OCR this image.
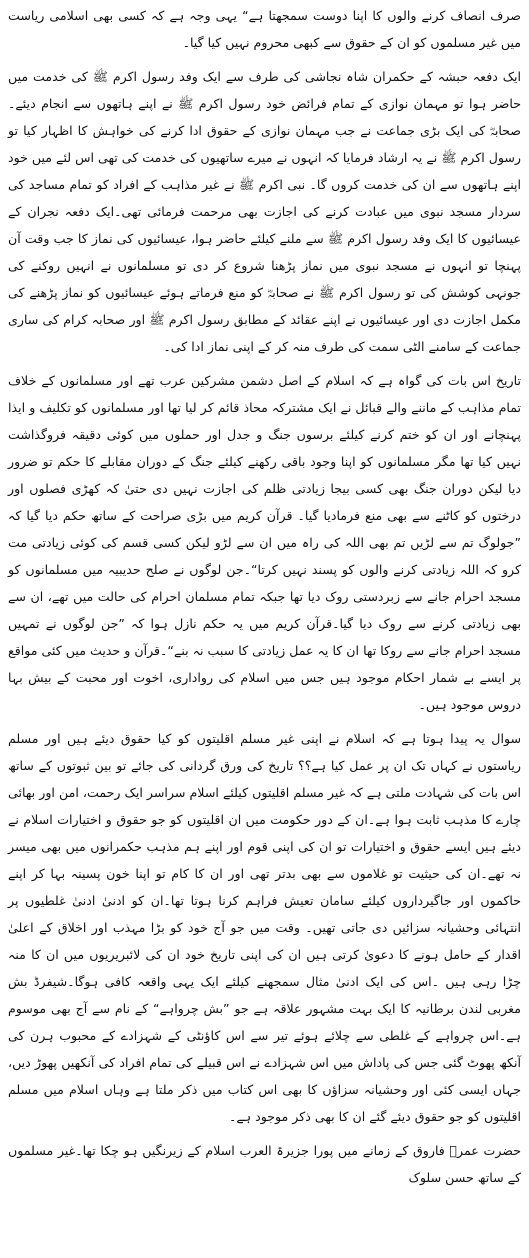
صرف انصاف کرنے والوں کا اپنا دوست سمجھتا ہے“ یہی وجہ ہے کہ کسی بھی اسلامی ریاست میں غیر مسلموں کو ان کے حقوق سے کبھی محروم نہیں کیا گیا۔

ایک دفعہ حبشہ کے حکمران شاہ نجاشی کی طرف سے ایک وفد رسول اکرم ﷺ کی خدمت میں حاضر ہوا تو مہمان نوازی کے تمام فرائض خود رسول اکرم ﷺ نے اپنے ہاتھوں سے انجام دیئے۔صحابہؓ کی ایک بڑی جماعت نے جب مہمان نوازی کے حقوق ادا کرنے کی خواہش کا اظہار کیا تو رسول اکرم ﷺ نے یہ ارشاد فرمایا کہ انہوں نے میرے ساتھیوں کی خدمت کی تھی اس لئے میں خود اپنے ہاتھوں سے ان کی خدمت کروں گا۔ نبی اکرم ﷺ نے غیر مذاہب کے افراد کو تمام مساجد کی سردار مسجد نبوی میں عبادت کرنے کی اجازت بھی مرحمت فرمائی تھی۔ایک دفعہ نجران کے عیسائیوں کا ایک وفد رسول اکرم ﷺ سے ملنے کیلئے حاضر ہوا، عیسائیوں کی نماز کا جب وقت آن پہنچا تو انہوں نے مسجد نبوی میں نماز پڑھنا شروع کر دی تو مسلمانوں نے انہیں روکنے کی جونہی کوشش کی تو رسول اکرم ﷺ نے صحابہؓ کو منع فرماتے ہوئے عیسائیوں کو نماز پڑھنے کی مکمل اجازت دی اور عیسائیوں نے اپنے عقائد کے مطابق رسول اکرم ﷺ اور صحابہ کرام کی ساری جماعت کے سامنے الٹی سمت کی طرف منہ کر کے اپنی نماز ادا کی۔

تاریخ اس بات کی گواہ ہے کہ اسلام کے اصل دشمن مشرکین عرب تھے اور مسلمانوں کے خلاف تمام مذاہب کے ماننے والے قبائل نے ایک مشترکہ محاذ قائم کر لیا تھا اور مسلمانوں کو تکلیف و ایذا پہنچانے اور ان کو ختم کرنے کیلئے برسوں جنگ و جدل اور حملوں میں کوئی دقیقہ فروگذاشت نہیں کیا تھا مگر مسلمانوں کو اپنا وجود باقی رکھنے کیلئے جنگ کے دوران مقابلے کا حکم تو ضرور دیا لیکن دوران جنگ بھی کسی بیجا زیادتی ظلم کی اجازت نہیں دی حتیٰ کہ کھڑی فصلوں اور درختوں کو کاٹنے سے بھی منع فرمادیا گیا۔ قرآن کریم میں بڑی صراحت کے ساتھ حکم دیا گیا کہ ”جولوگ تم سے لڑیں تم بھی اللہ کی راہ میں ان سے لڑو لیکن کسی قسم کی کوئی زیادتی مت کرو کہ اللہ زیادتی کرنے والوں کو پسند نہیں کرتا“۔جن لوگوں نے صلح حدیبیہ میں مسلمانوں کو مسجد احرام جانے سے زبردستی روک دیا تھا جبکہ تمام مسلمان احرام کی حالت میں تھے، ان سے بھی زیادتی کرنے سے روک دیا گیا۔قرآن کریم میں یہ حکم نازل ہوا کہ ”جن لوگوں نے تمہیں مسجد احرام جانے سے روکا تھا ان کا یہ عمل زیادتی کا سبب نہ بنے“۔قرآن و حدیث میں کئی مواقع پر ایسے بے شمار احکام موجود ہیں جس میں اسلام کی رواداری، اخوت اور محبت کے بیش بہا دروس موجود ہیں۔

سوال یہ پیدا ہوتا ہے کہ اسلام نے اپنی غیر مسلم اقلیتوں کو کیا حقوق دیئے ہیں اور مسلم ریاستوں نے کہاں تک ان پر عمل کیا ہے؟؟ تاریخ کی ورق گردانی کی جائے تو بین ثبوتوں کے ساتھ اس بات کی شہادت ملتی ہے کہ غیر مسلم اقلیتوں کیلئے اسلام سراسر ایک رحمت، امن اور بھائی چارے کا مذہب ثابت ہوا ہے۔ان کے دور حکومت میں ان اقلیتوں کو جو حقوق و اختیارات اسلام نے دیئے ہیں ایسے حقوق و اختیارات تو ان کی اپنی قوم اور اپنے ہم مذہب حکمرانوں میں بھی میسر نہ تھے۔ان کی حیثیت تو غلاموں سے بھی بدتر تھی اور ان کا کام تو اپنا خون پسینہ بہا کر اپنے حاکموں اور جاگیرداروں کیلئے سامان تعیش فراہم کرنا ہوتا تھا۔ان کو ادنیٰ ادنیٰ غلطیوں پر انتہائی وحشیانہ سزائیں دی جاتی تھیں۔ وقت میں جو آج خود کو بڑا مہذب اور اخلاق کے اعلیٰ اقدار کے حامل ہونے کا دعویٰ کرتی ہیں ان کی اپنی تاریخ خود ان کی لائبریریوں میں ان کا منہ چڑا رہی ہیں ۔اس کی ایک ادنیٰ مثال سمجھنے کیلئے ایک یہی واقعہ کافی ہوگا۔شیفرڈ بش مغربی لندن برطانیہ کا ایک بہت مشہور علاقہ ہے جو ”بش چرواہے“ کے نام سے آج بھی موسوم ہے۔اس چرواہے کے غلطی سے چلائے ہوئے تیر سے اس کاؤنٹی کے شہزادے کے محبوب ہرن کی آنکھ پھوٹ گئی جس کی پاداش میں اس شہزادے نے اس قبیلے کی تمام افراد کی آنکھیں پھوڑ دیں، جہاں ایسی کئی اور وحشیانہ سزاؤں کا بھی اس کتاب میں ذکر ملتا ہے وہاں اسلام میں مسلم اقلیتوں کو جو حقوق دیئے گئے ان کا بھی ذکر موجود ہے۔

حضرت عمرؓ فاروق کے زمانے میں پورا جزیرۃ العرب اسلام کے زیرنگیں ہو چکا تھا۔غیر مسلموں کے ساتھ حسن سلوک
